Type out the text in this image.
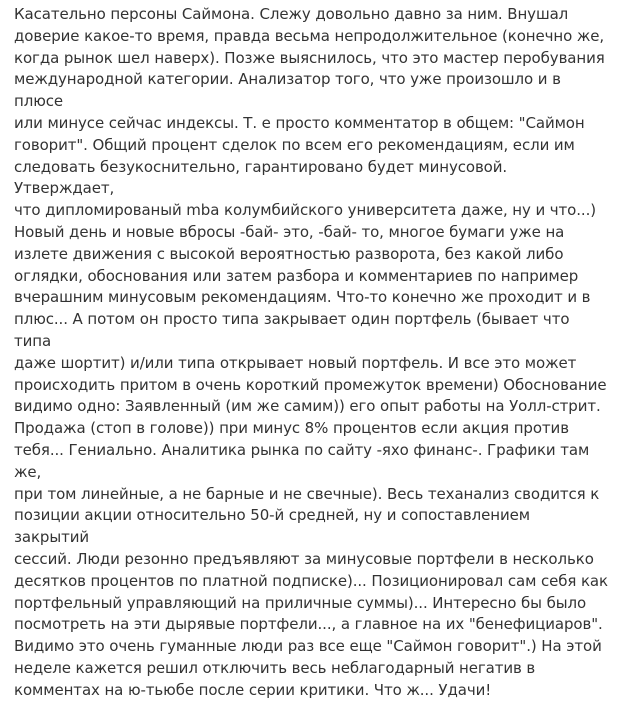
Касательно персоны Саймона. Слежу довольно давно за ним. Внушал
доверие какое-то время, правда весьма непродолжительное (конечно же,
когда рынок шел наверх). Позже выяснилось, что это мастер перобувания
международной категории. Анализатор того, что уже произошло и в плюсе
или минусе сейчас индексы. Т. е просто комментатор в общем: "Саймон
говорит". Общий процент сделок по всем его рекомендациям, если им
следовать безукоснительно, гарантировано будет минусовой. Утверждает,
что дипломированый mba колумбийского университета даже, ну и что...)
Новый день и новые вбросы -бай- это, -бай- то, многое бумаги уже на
излете движения с высокой вероятностью разворота, без какой либо
оглядки, обоснования или затем разбора и комментариев по например
вчерашним минусовым рекомендациям. Что-то конечно же проходит и в
плюс... А потом он просто типа закрывает один портфель (бывает что типа
даже шортит) и/или типа открывает новый портфель. И все это может
происходить притом в очень короткий промежуток времени) Обоснование
видимо одно: Заявленный (им же самим)) его опыт работы на Уолл-стрит.
Продажа (стоп в голове)) при минус 8% процентов если акция против
тебя... Гениально. Аналитика рынка по сайту -яхо финанс-. Графики там же,
при том линейные, а не барные и не свечные). Весь теханализ сводится к
позиции акции относительно 50-й средней, ну и сопоставлением закрытий
сессий. Люди резонно предъявляют за минусовые портфели в несколько
десятков процентов по платной подписке)... Позиционировал сам себя как
портфельный управляющий на приличные суммы)... Интересно бы было
посмотреть на эти дырявые портфели..., а главное на их "бенефициаров".
Видимо это очень гуманные люди раз все еще "Саймон говорит".) На этой
неделе кажется решил отключить весь неблагодарный негатив в
комментах на ю-тьюбе после серии критики. Что ж... Удачи!
